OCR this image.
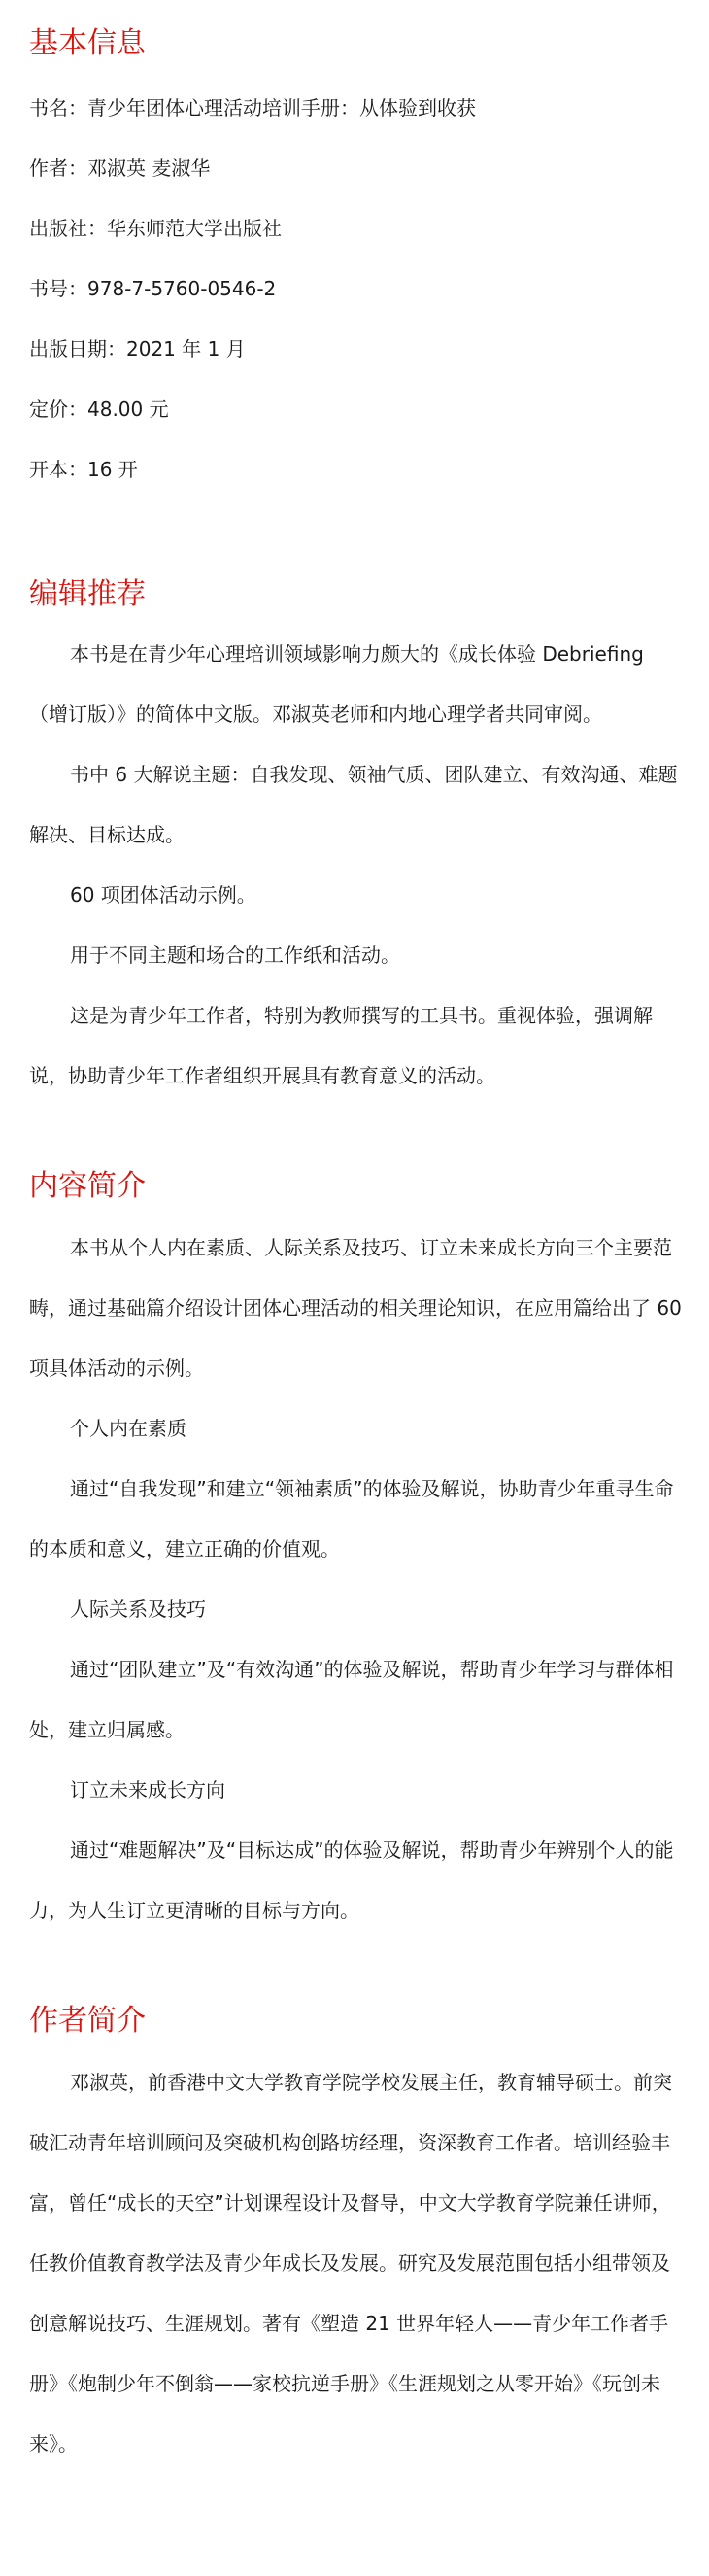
基本信息

书名：青少年团体心理活动培训手册：从体验到收获

作者：邓淑英 麦淑华

出版社：华东师范大学出版社

书号：978-7-5760-0546-2

出版日期：2021 年 1 月

定价：48.00 元

开本：16 开

编辑推荐

本书是在青少年心理培训领域影响力颇大的《成长体验 Debriefing（增订版）》的简体中文版。邓淑英老师和内地心理学者共同审阅。

书中 6 大解说主题：自我发现、领袖气质、团队建立、有效沟通、难题解决、目标达成。

60 项团体活动示例。

用于不同主题和场合的工作纸和活动。

这是为青少年工作者，特别为教师撰写的工具书。重视体验，强调解说，协助青少年工作者组织开展具有教育意义的活动。

内容简介

本书从个人内在素质、人际关系及技巧、订立未来成长方向三个主要范畴，通过基础篇介绍设计团体心理活动的相关理论知识，在应用篇给出了 60 项具体活动的示例。

个人内在素质

通过“自我发现”和建立“领袖素质”的体验及解说，协助青少年重寻生命的本质和意义，建立正确的价值观。

人际关系及技巧

通过“团队建立”及“有效沟通”的体验及解说，帮助青少年学习与群体相处，建立归属感。

订立未来成长方向

通过“难题解决”及“目标达成”的体验及解说，帮助青少年辨别个人的能力，为人生订立更清晰的目标与方向。

作者简介

邓淑英，前香港中文大学教育学院学校发展主任，教育辅导硕士。前突破汇动青年培训顾问及突破机构创路坊经理，资深教育工作者。培训经验丰富，曾任“成长的天空”计划课程设计及督导，中文大学教育学院兼任讲师，任教价值教育教学法及青少年成长及发展。研究及发展范围包括小组带领及创意解说技巧、生涯规划。著有《塑造 21 世界年轻人——青少年工作者手册》《炮制少年不倒翁——家校抗逆手册》《生涯规划之从零开始》《玩创未来》。
